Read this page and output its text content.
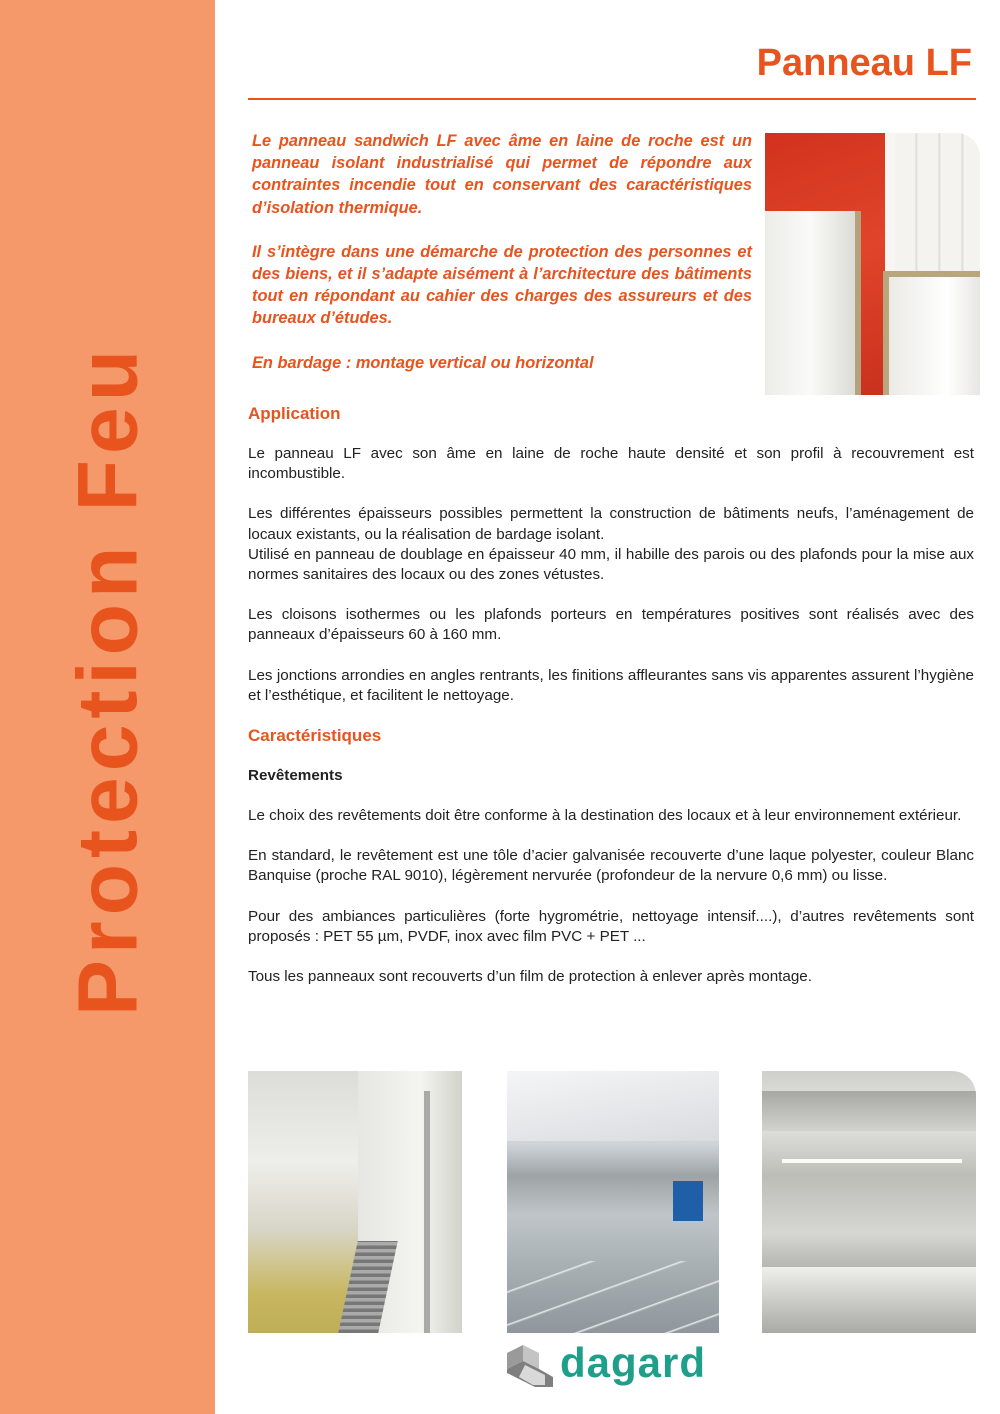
Protection Feu
Panneau LF

Le panneau sandwich LF avec âme en laine de roche est un panneau isolant industrialisé qui permet de répondre aux contraintes incendie tout en conservant des caractéristiques d’isolation thermique.

Il s’intègre dans une démarche de protection des personnes et des biens, et il s’adapte aisément à l’architecture des bâtiments tout en répondant au cahier des charges des assureurs et des bureaux d’études.

En bardage : montage vertical ou horizontal

Application

Le panneau LF avec son âme en laine de roche haute densité et son profil à recouvrement est incombustible.

Les différentes épaisseurs possibles permettent la construction de bâtiments neufs, l’aménagement de locaux existants, ou la réalisation de bardage isolant.

Utilisé en panneau de doublage en épaisseur 40 mm, il habille des parois ou des plafonds pour la mise aux normes sanitaires des locaux ou des zones vétustes.

Les cloisons isothermes ou les plafonds porteurs en températures positives sont réalisés avec des panneaux d’épaisseurs 60 à 160 mm.

Les jonctions arrondies en angles rentrants, les finitions affleurantes sans vis apparentes assurent l’hygiène et l’esthétique, et facilitent le nettoyage.

Caractéristiques
Revêtements

Le choix des revêtements doit être conforme à la destination des locaux et à leur environnement extérieur.

En standard, le revêtement est une tôle d’acier galvanisée recouverte d’une laque polyester, couleur Blanc Banquise (proche RAL 9010), légèrement nervurée (profondeur de la nervure 0,6 mm) ou lisse.

Pour des ambiances particulières (forte hygrométrie, nettoyage intensif....), d’autres revêtements sont proposés : PET 55 µm, PVDF, inox avec film PVC + PET ...

Tous les panneaux sont recouverts d’un film de protection à enlever après montage.

dagard
